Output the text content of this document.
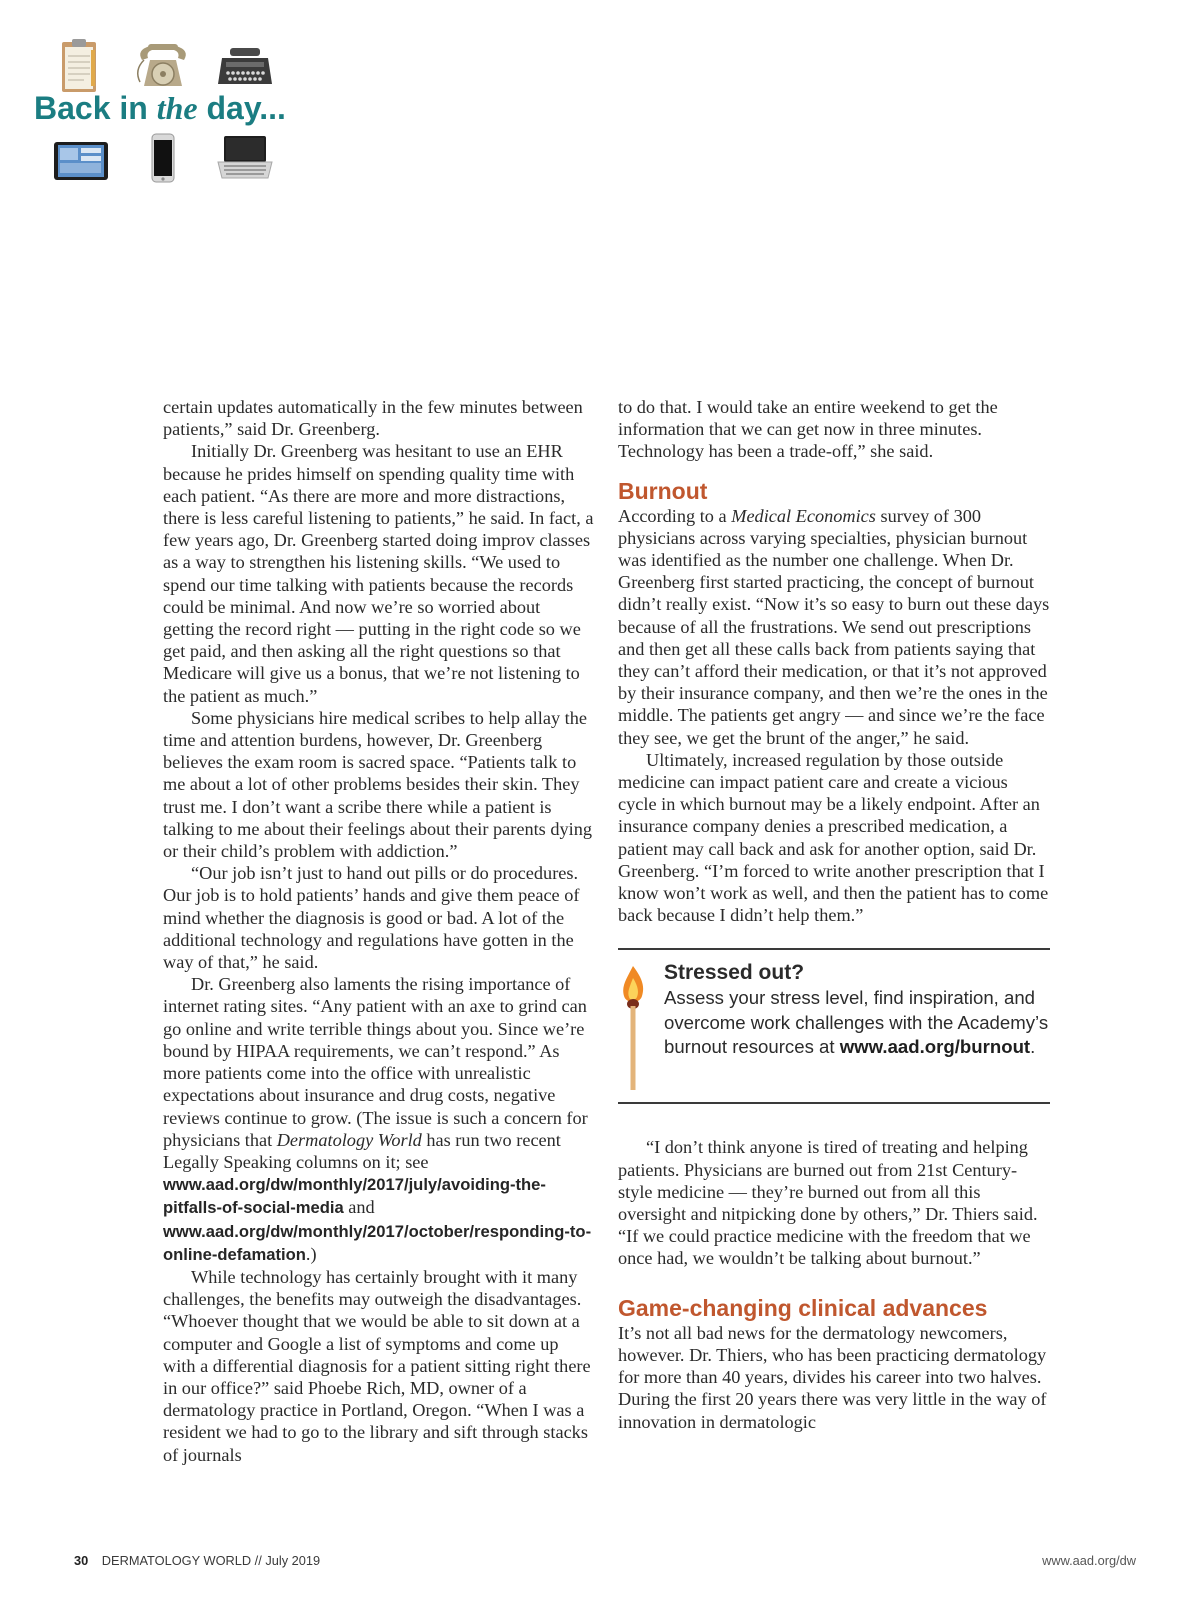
Back in the day...

certain updates automatically in the few minutes between patients,” said Dr. Greenberg.

Initially Dr. Greenberg was hesitant to use an EHR because he prides himself on spending quality time with each patient. “As there are more and more distractions, there is less careful listening to patients,” he said. In fact, a few years ago, Dr. Greenberg started doing improv classes as a way to strengthen his listening skills. “We used to spend our time talking with patients because the records could be minimal. And now we’re so worried about getting the record right — putting in the right code so we get paid, and then asking all the right questions so that Medicare will give us a bonus, that we’re not listening to the patient as much.”

Some physicians hire medical scribes to help allay the time and attention burdens, however, Dr. Greenberg believes the exam room is sacred space. “Patients talk to me about a lot of other problems besides their skin. They trust me. I don’t want a scribe there while a patient is talking to me about their feelings about their parents dying or their child’s problem with addiction.”

“Our job isn’t just to hand out pills or do procedures. Our job is to hold patients’ hands and give them peace of mind whether the diagnosis is good or bad. A lot of the additional technology and regulations have gotten in the way of that,” he said.

Dr. Greenberg also laments the rising importance of internet rating sites. “Any patient with an axe to grind can go online and write terrible things about you. Since we’re bound by HIPAA requirements, we can’t respond.” As more patients come into the office with unrealistic expectations about insurance and drug costs, negative reviews continue to grow. (The issue is such a concern for physicians that Dermatology World has run two recent Legally Speaking columns on it; see www.aad.org/dw/monthly/2017/july/avoiding-the-pitfalls-of-social-media and www.aad.org/dw/monthly/2017/october/responding-to-online-defamation.)

While technology has certainly brought with it many challenges, the benefits may outweigh the disadvantages. “Whoever thought that we would be able to sit down at a computer and Google a list of symptoms and come up with a differential diagnosis for a patient sitting right there in our office?” said Phoebe Rich, MD, owner of a dermatology practice in Portland, Oregon. “When I was a resident we had to go to the library and sift through stacks of journals

to do that. I would take an entire weekend to get the information that we can get now in three minutes. Technology has been a trade-off,” she said.

Burnout

According to a Medical Economics survey of 300 physicians across varying specialties, physician burnout was identified as the number one challenge. When Dr. Greenberg first started practicing, the concept of burnout didn’t really exist. “Now it’s so easy to burn out these days because of all the frustrations. We send out prescriptions and then get all these calls back from patients saying that they can’t afford their medication, or that it’s not approved by their insurance company, and then we’re the ones in the middle. The patients get angry — and since we’re the face they see, we get the brunt of the anger,” he said.

Ultimately, increased regulation by those outside medicine can impact patient care and create a vicious cycle in which burnout may be a likely endpoint. After an insurance company denies a prescribed medication, a patient may call back and ask for another option, said Dr. Greenberg. “I’m forced to write another prescription that I know won’t work as well, and then the patient has to come back because I didn’t help them.”

Stressed out?
Assess your stress level, find inspiration, and overcome work challenges with the Academy’s burnout resources at www.aad.org/burnout.

“I don’t think anyone is tired of treating and helping patients. Physicians are burned out from 21st Century-style medicine — they’re burned out from all this oversight and nitpicking done by others,” Dr. Thiers said. “If we could practice medicine with the freedom that we once had, we wouldn’t be talking about burnout.”

Game-changing clinical advances

It’s not all bad news for the dermatology newcomers, however. Dr. Thiers, who has been practicing dermatology for more than 40 years, divides his career into two halves. During the first 20 years there was very little in the way of innovation in dermatologic

30 DERMATOLOGY WORLD // July 2019	www.aad.org/dw
